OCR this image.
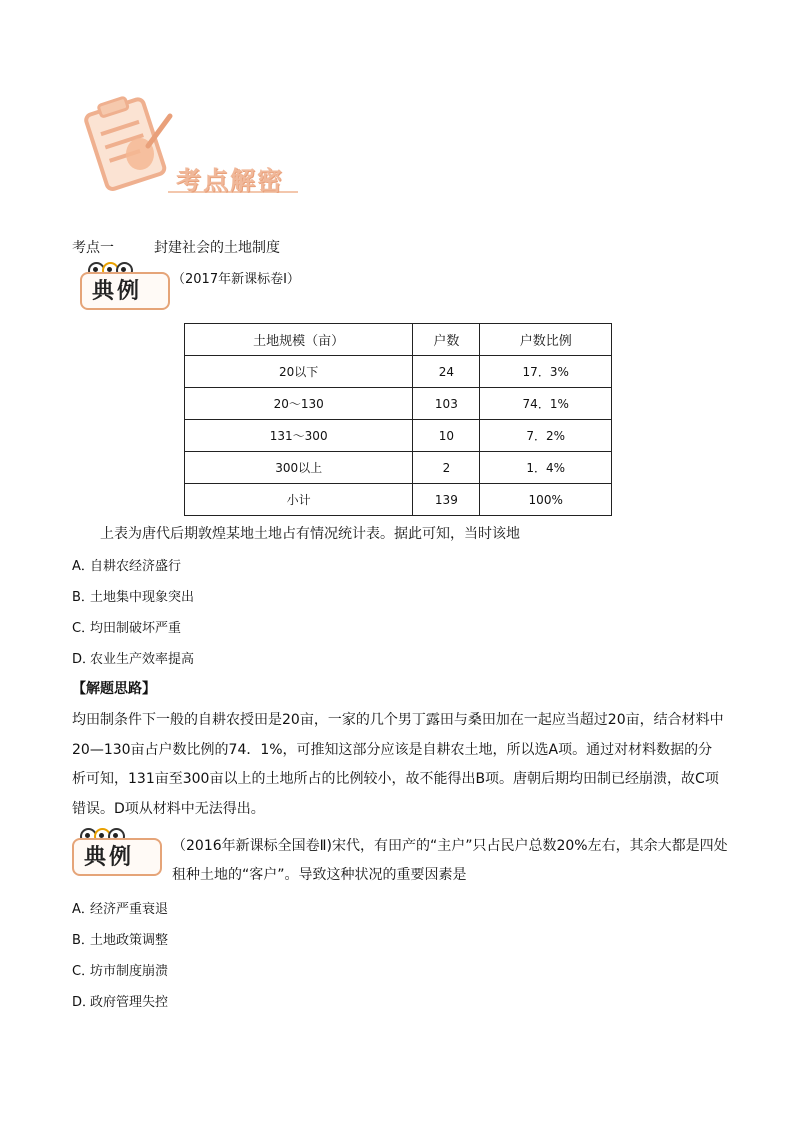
考点解密
考点一	封建社会的土地制度
典例 （2017年新课标卷Ⅰ）
土地规模（亩）	户数	户数比例
20以下	24	17．3%
20～130	103	74．1%
131～300	10	7．2%
300以上	2	1．4%
小计	139	100%
上表为唐代后期敦煌某地土地占有情况统计表。据此可知，当时该地
A．自耕农经济盛行
B．土地集中现象突出
C．均田制破坏严重
D．农业生产效率提高
【解题思路】
均田制条件下一般的自耕农授田是20亩，一家的几个男丁露田与桑田加在一起应当超过20亩，结合材料中20—130亩占户数比例的74．1%，可推知这部分应该是自耕农土地，所以选A项。通过对材料数据的分析可知，131亩至300亩以上的土地所占的比例较小，故不能得出B项。唐朝后期均田制已经崩溃，故C项错误。D项从材料中无法得出。
典例	（2016年新课标全国卷Ⅱ)宋代，有田产的“主户”只占民户总数20%左右，其余大都是四处租种土地的“客户”。导致这种状况的重要因素是
A．经济严重衰退
B．土地政策调整
C．坊市制度崩溃
D．政府管理失控
